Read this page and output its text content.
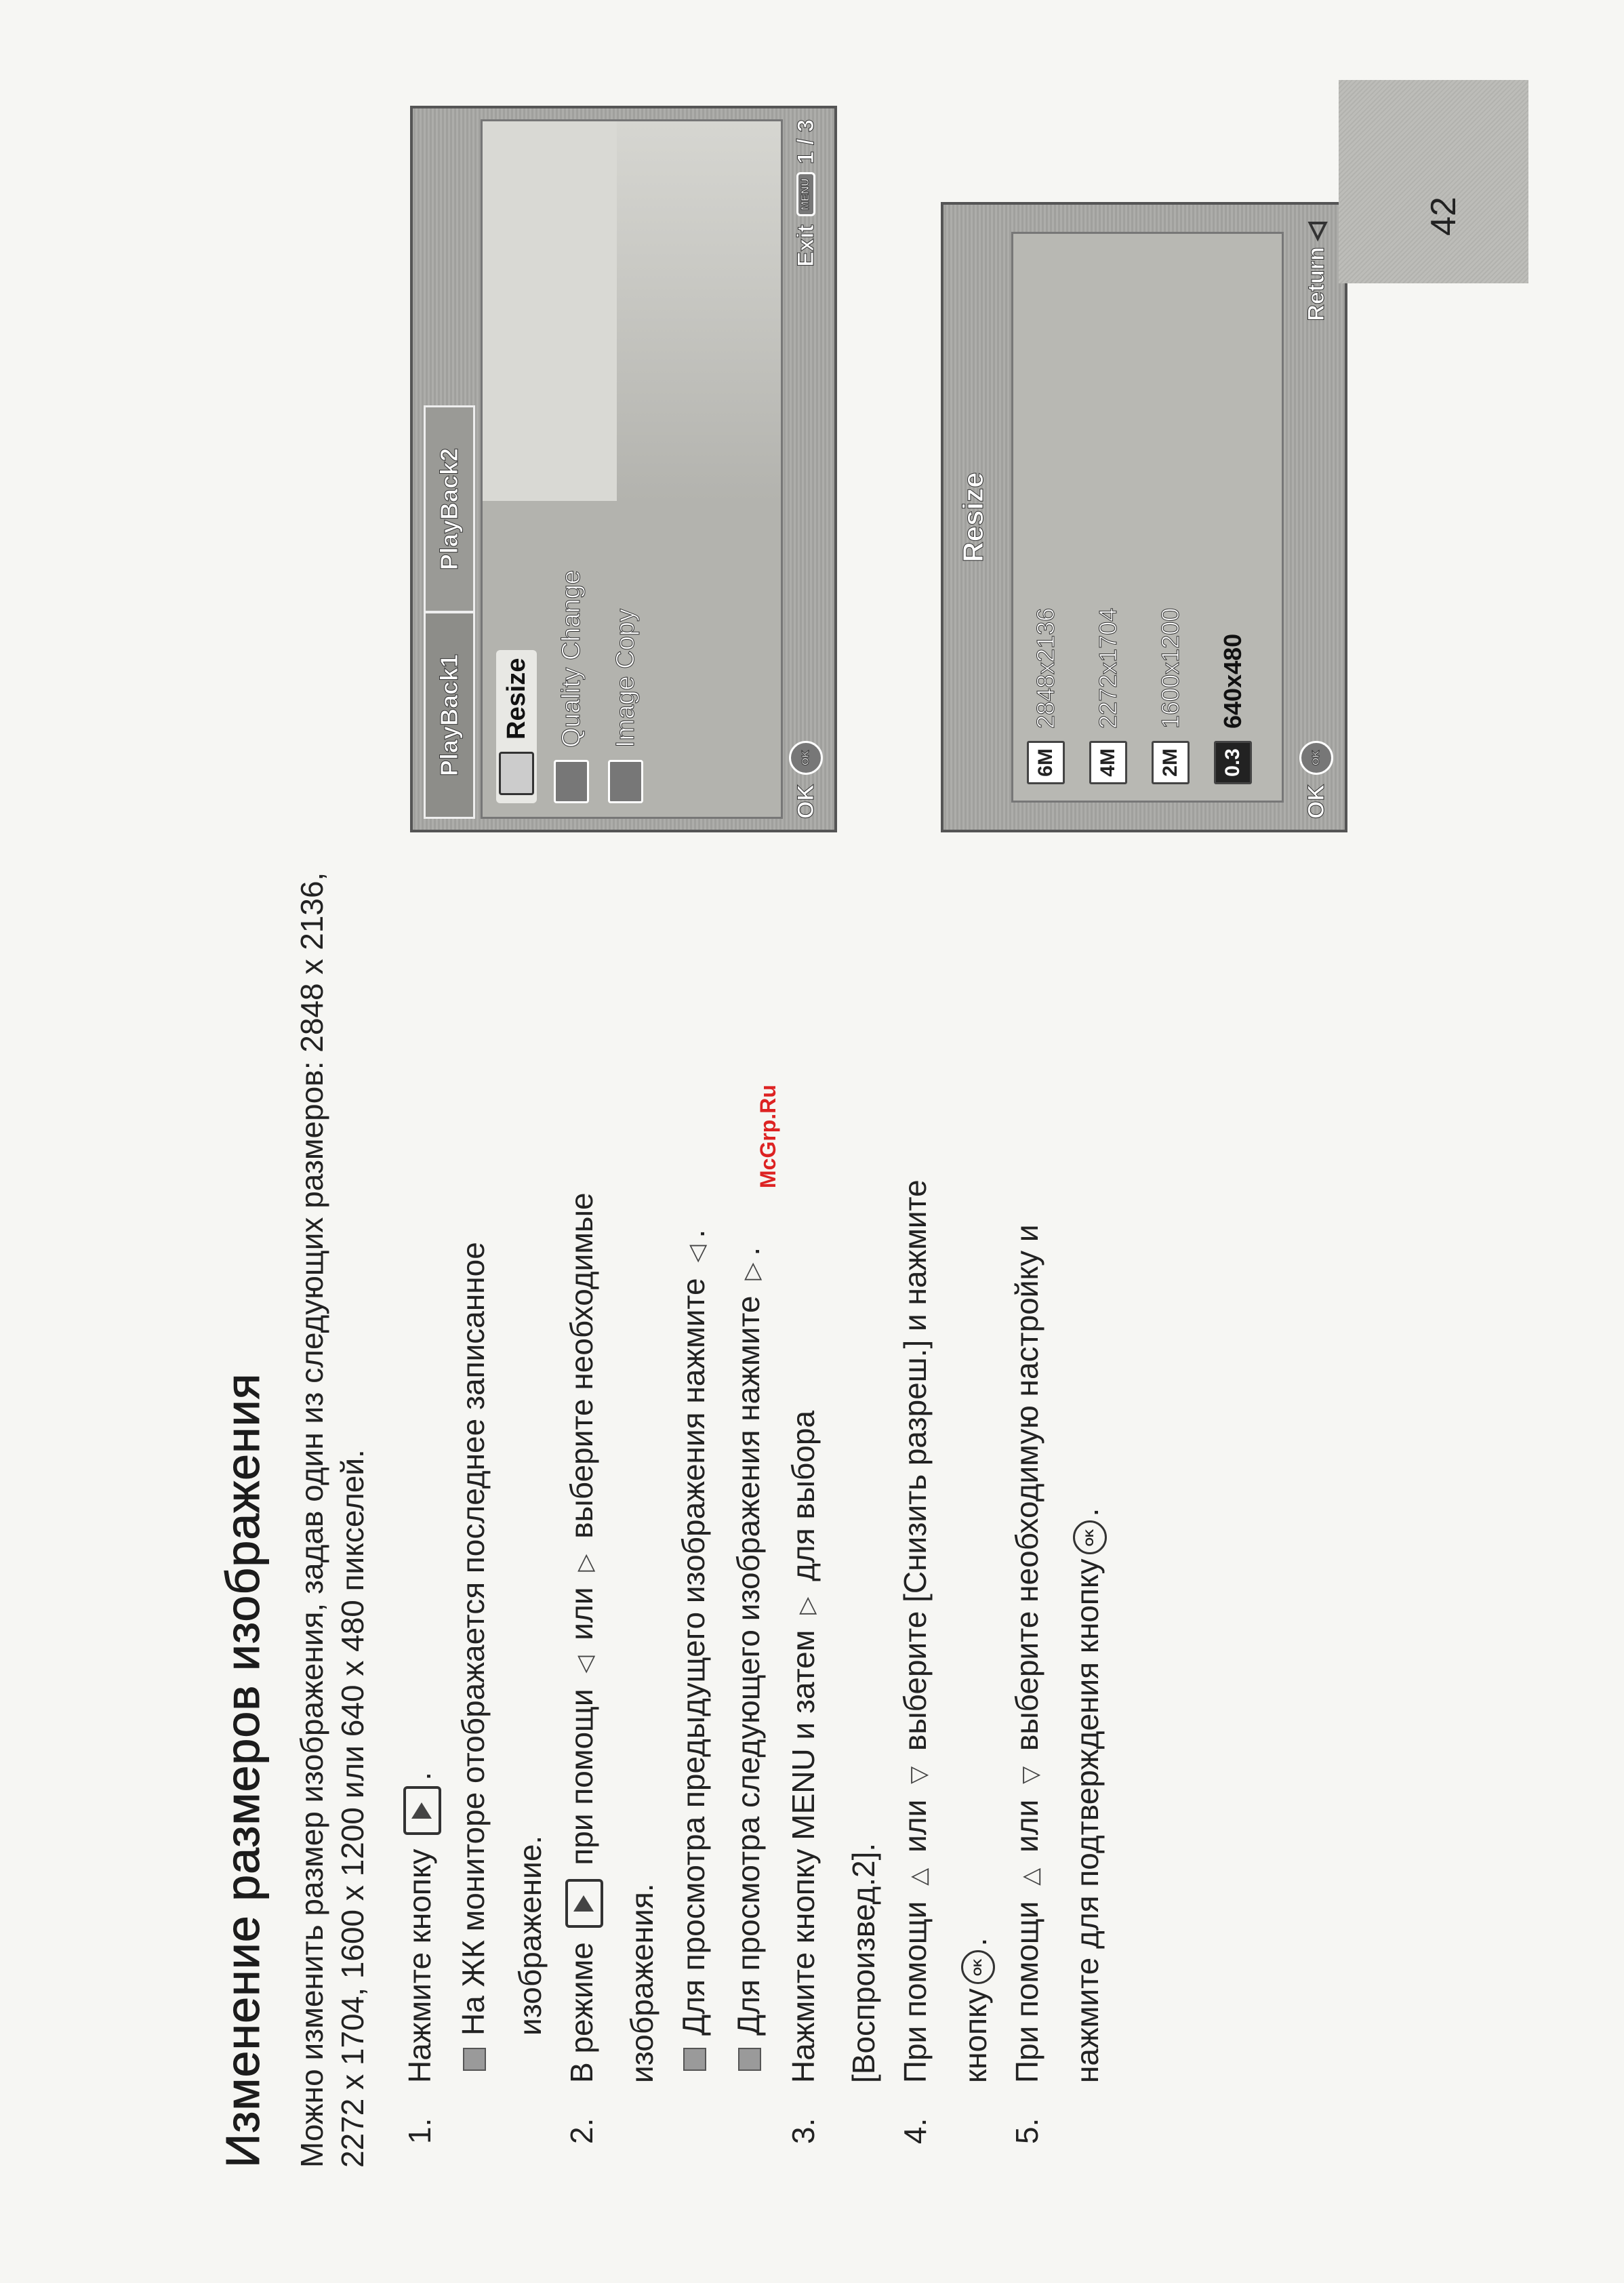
Изменение размеров изображения Можно изменить размер изображения, задав один из следующих размеров: 2848 x 2136, 2272 x 1704, 1600 x 1200 или 640 x 480 пикселей. 1.
Нажмите кнопку . На ЖК мониторе отображается последнее записанное изображение.
2.
В режиме  при помощи ◁ или ▷ выберите необходимые
изображения. Для просмотра предыдущего изображения нажмите ◁.
Для просмотра следующего изображения нажмите ▷.
3.
Нажмите кнопку MENU и затем ▷ для выбора
[Воспроизвед.2].
4.
При помощи △ или ▽ выберите [Снизить разреш.] и нажмите
кнопкуOK.
5.
При помощи △ или ▽ выберите необходимую настройку и
нажмите для подтверждения кнопкуOK.
McGrp.Ru
PlayBack1
PlayBack2
Resize Quality Change Image Copy
OK
OK
Exit
MENU
1 / 3
Resize
6M
2848x2136
4M
2272x1704
2M
1600x1200
0.3
640x480
OK
OK
Return
◁	42
